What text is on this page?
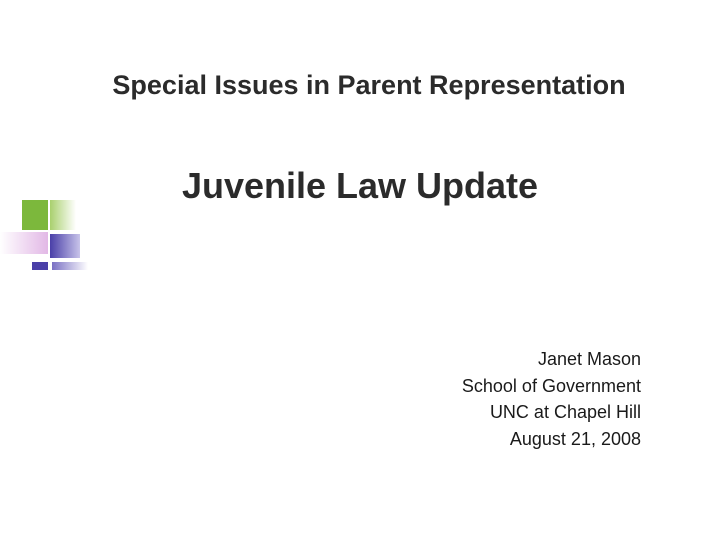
Special Issues in Parent Representation
Juvenile Law Update
Janet Mason
School of Government
UNC at Chapel Hill
August 21, 2008
